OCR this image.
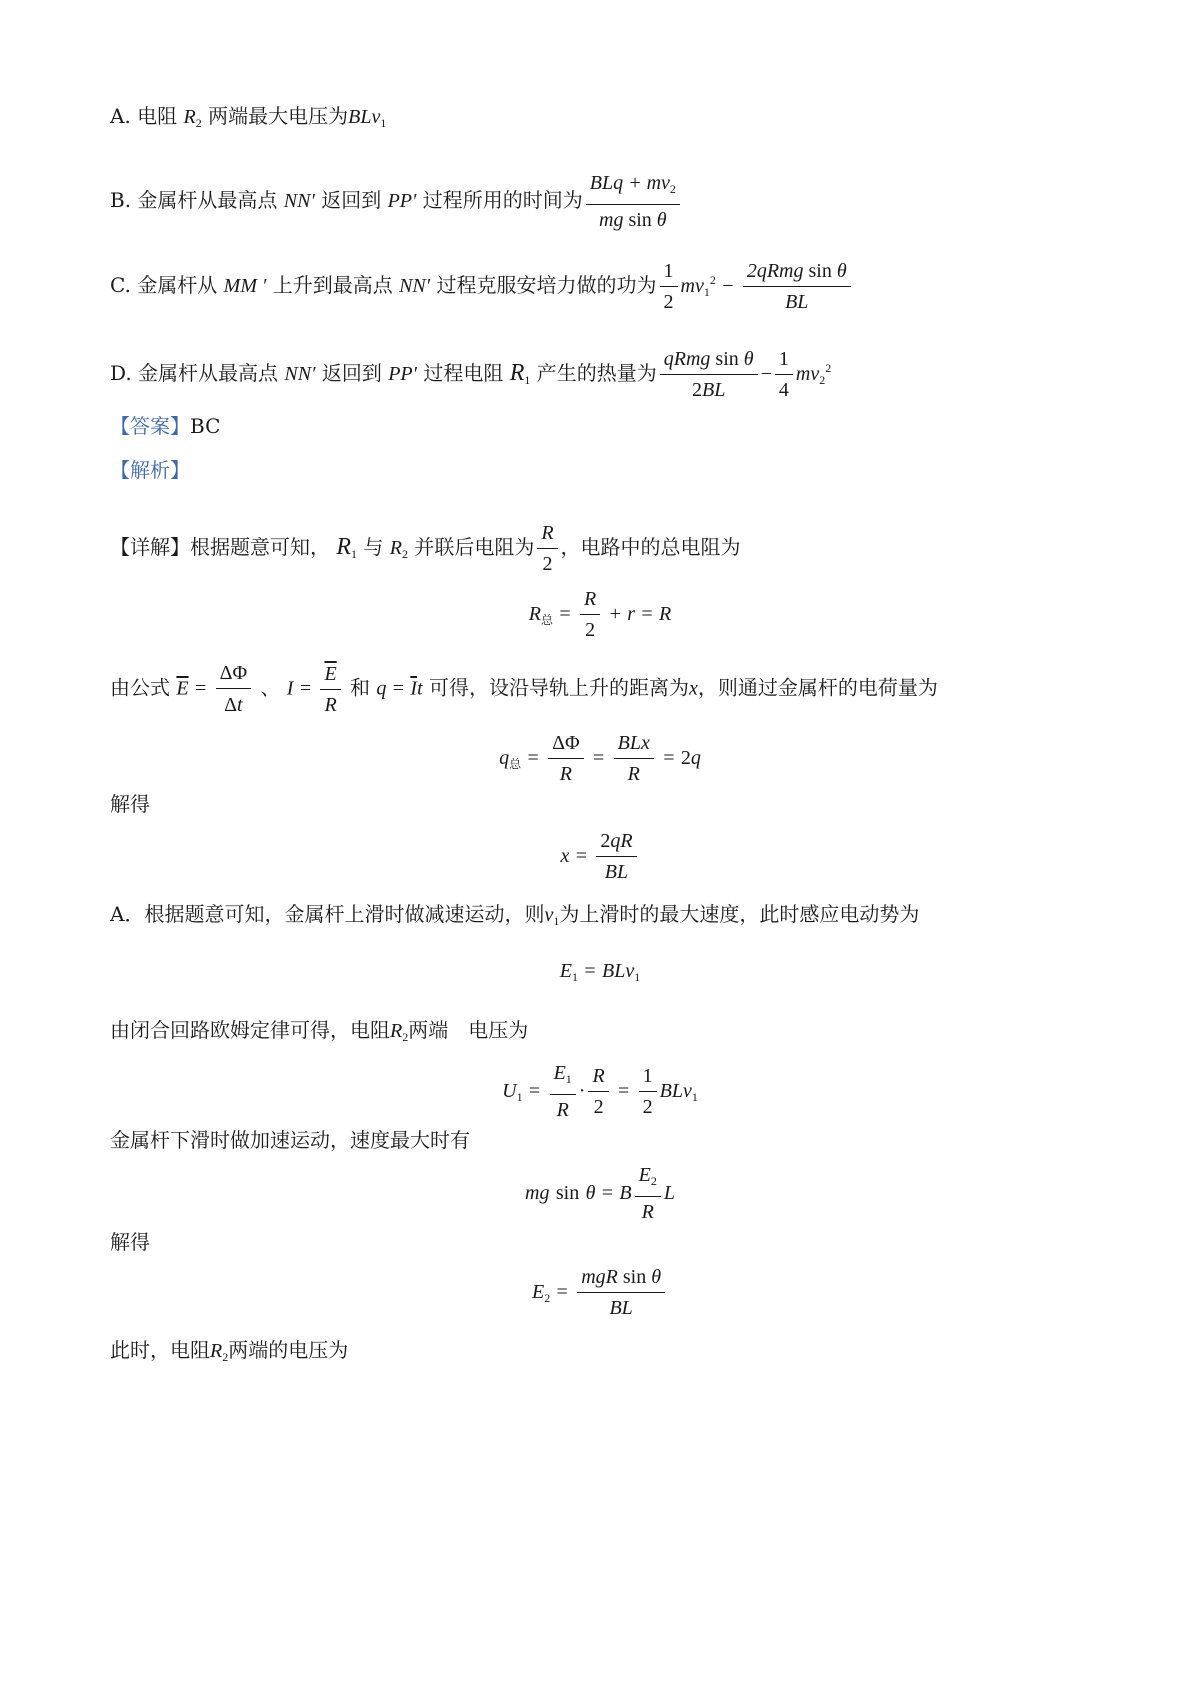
A. 电阻 $R_2$ 两端最大电压为BLv$_1$
B. 金属杆从最高点 NN′ 返回到 PP′ 过程所用的时间为 $\frac{BLq + mv_2}{\text{mg sin θ}}$
C. 金属杆从 MM ′ 上升到最高点 NN′ 过程克服安培力做的功为 $\frac{1}{2} mv_1^2 - \frac{\text{2qRmg sin θ}}{BL}$
D. 金属杆从最高点 NN′ 返回到 PP′ 过程电阻 $R_1$ 产生的热量为 $\frac{\text{qRmg sin θ}}{2BL} - \frac{1}{4} mv_2^2$
【答案】BC
【解析】
【详解】根据题意可知， $R_1$ 与 $R_2$ 并联后电阻为 $\frac{R}{2}$ ，电路中的总电阻为
$R_总 = \frac{R}{2} + r = R$
由公式 $\overline{E} = \frac{\Delta\Phi}{\Delta t}$ 、 $I = \frac{\overline{E}}{R}$ 和 $q = \overline{I}t$ 可得，设沿导轨上升的距离为x，则通过金属杆的电荷量为
$q_总 = \frac{\Delta\Phi}{R} = \frac{\text{BLx}}{R} = 2q$
解得
$x = \frac{2qR}{BL}$
A．根据题意可知，金属杆上滑时做减速运动，则$v_1$为上滑时的最大速度，此时感应电动势为
$E_1 = BLv_1$
由闭合回路欧姆定律可得，电阻$R_2$两端　电压为
$U_1 = \frac{E_1}{R} \cdot \frac{R}{2} = \frac{1}{2} BLv_1$
金属杆下滑时做加速运动，速度最大时有
mg sin θ = B $\frac{E_2}{R}$ L
解得
$E_2 = \frac{\text{mgR sin θ}}{BL}$
此时，电阻$R_2$两端的电压为
